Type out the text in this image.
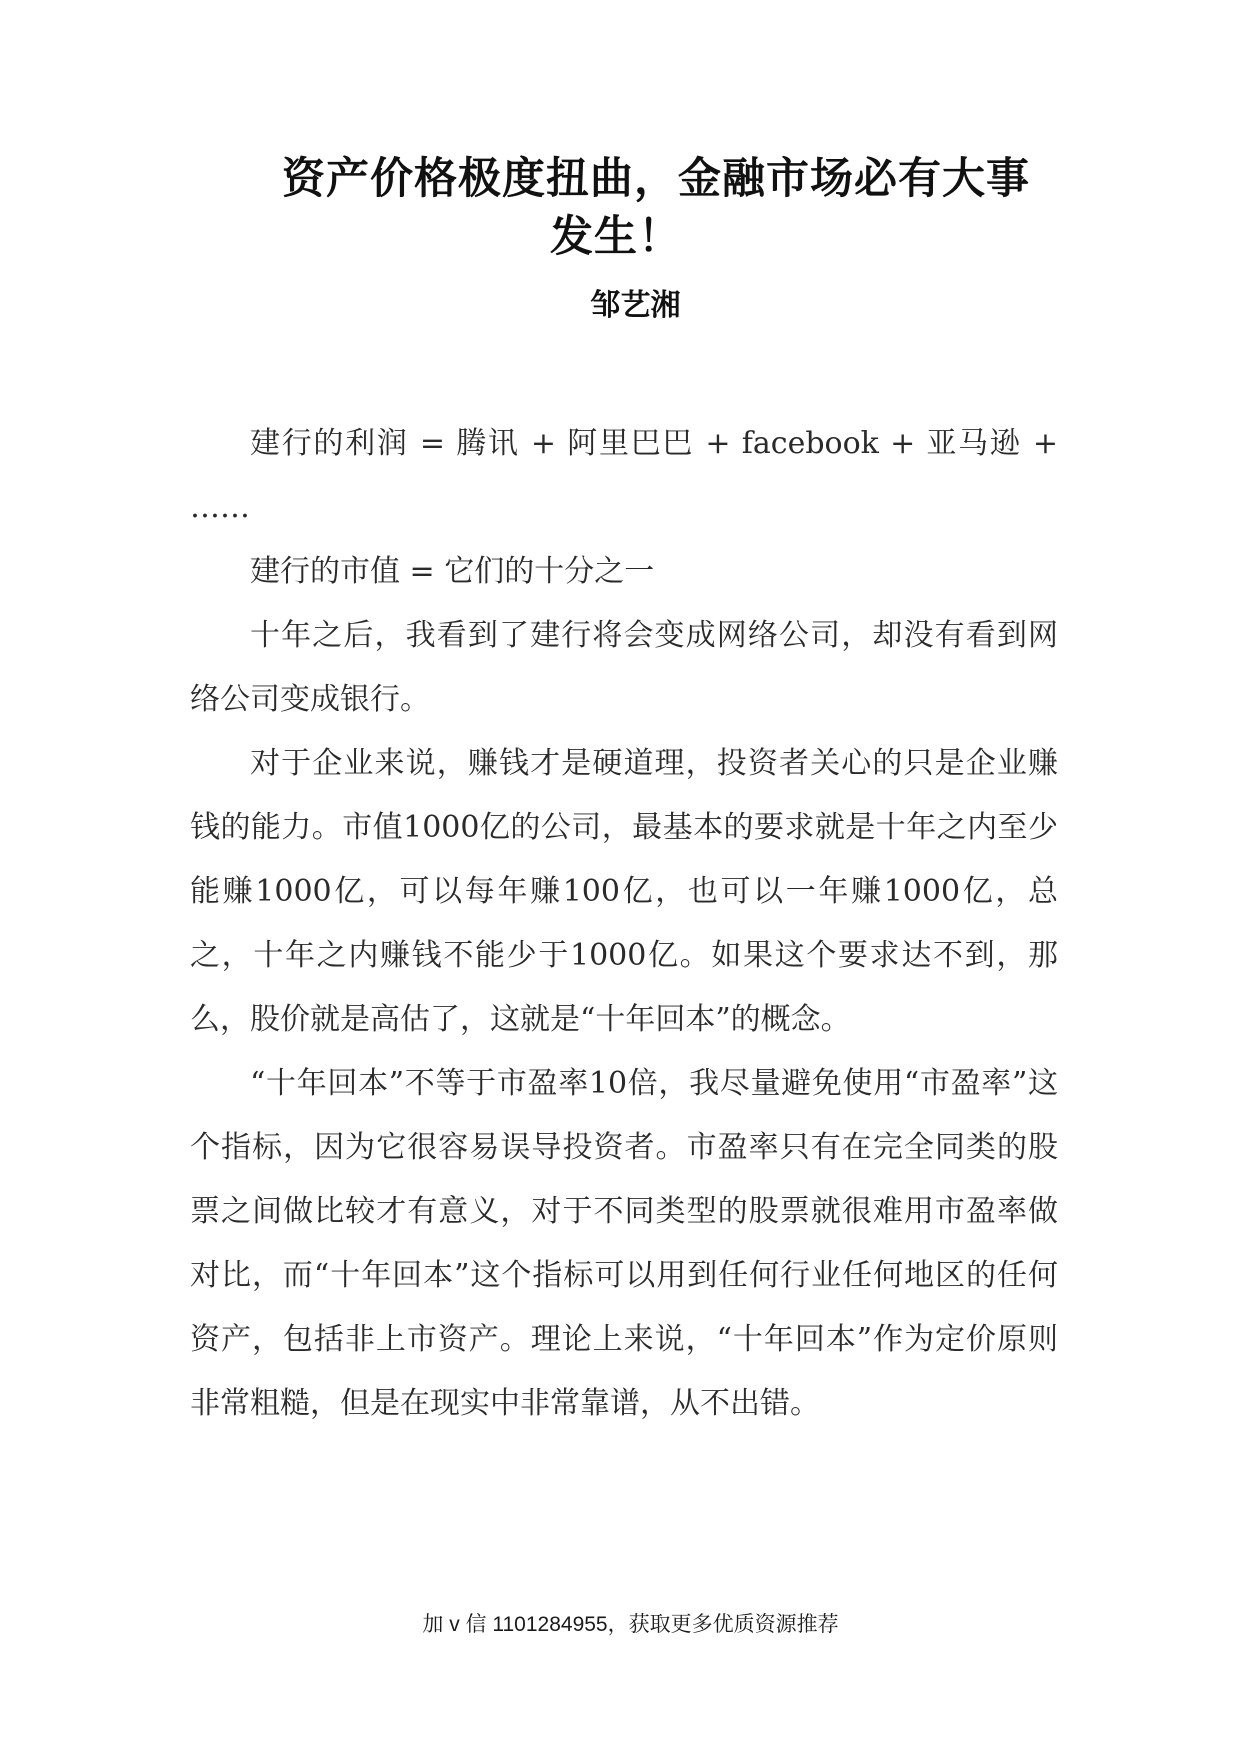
资产价格极度扭曲，金融市场必有大事
发生！
邹艺湘

建行的利润 = 腾讯 + 阿里巴巴 + facebook + 亚马逊 + ……

建行的市值 = 它们的十分之一

十年之后，我看到了建行将会变成网络公司，却没有看到网络公司变成银行。

对于企业来说，赚钱才是硬道理，投资者关心的只是企业赚钱的能力。市值1000亿的公司，最基本的要求就是十年之内至少能赚1000亿，可以每年赚100亿，也可以一年赚1000亿，总之，十年之内赚钱不能少于1000亿。如果这个要求达不到，那么，股价就是高估了，这就是“十年回本”的概念。

“十年回本”不等于市盈率10倍，我尽量避免使用“市盈率”这个指标，因为它很容易误导投资者。市盈率只有在完全同类的股票之间做比较才有意义，对于不同类型的股票就很难用市盈率做对比，而“十年回本”这个指标可以用到任何行业任何地区的任何资产，包括非上市资产。理论上来说，“十年回本”作为定价原则非常粗糙，但是在现实中非常靠谱，从不出错。

加 v 信 1101284955，获取更多优质资源推荐
